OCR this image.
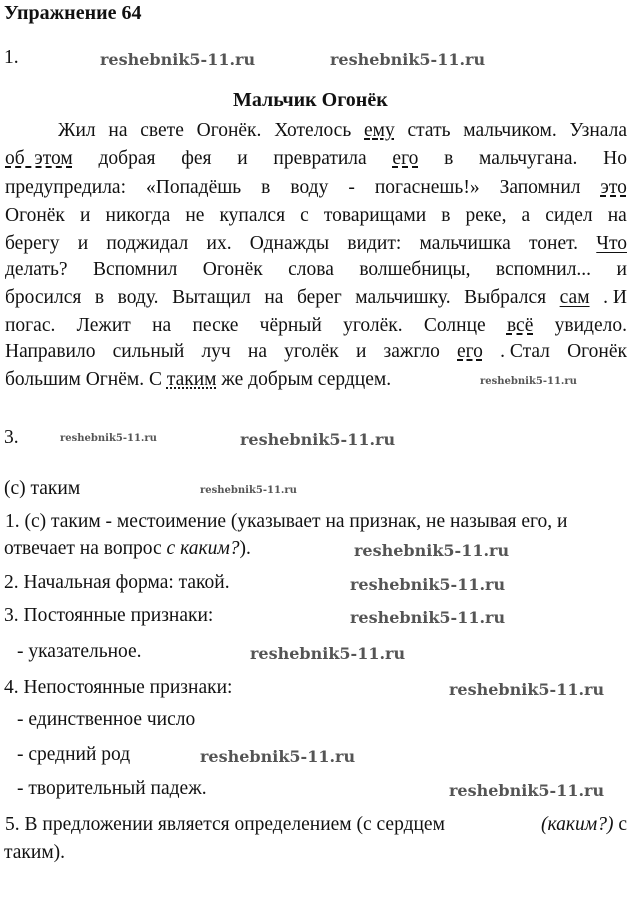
Упражнение 64
1.
Мальчик Огонёк
Жил на свете Огонёк. Хотелось ему стать мальчиком. Узнала
об  этом добрая фея и превратила его в мальчугана. Но
предупредила: «Попадёшь в воду - погаснешь!» Запомнил это
Огонёк и никогда не купался с товарищами в реке, а сидел на
берегу и поджидал их. Однажды видит: мальчишка тонет. Что
делать? Вспомнил Огонёк слова волшебницы, вспомнил... и
бросился в воду. Вытащил на берег мальчишку. Выбрался сам . И
погас. Лежит на песке чёрный уголёк. Солнце всё увидело.
Направило сильный луч на уголёк и зажгло его . Стал Огонёк
большим Огнём. С таким же добрым сердцем.
3.
(с) таким
1. (с) таким - местоимение (указывает на признак, не называя его, и
отвечает на вопрос с каким?).
2. Начальная форма: такой.
3. Постоянные признаки:
- указательное.
4. Непостоянные признаки:
- единственное число
- средний род
- творительный падеж.
5. В предложении является определением (с сердцем	(каким?) с
таким).
reshebnik5-11.ru	reshebnik5-11.ru
reshebnik5-11.ru
reshebnik5-11.ru	reshebnik5-11.ru
reshebnik5-11.ru
reshebnik5-11.ru
reshebnik5-11.ru
reshebnik5-11.ru
reshebnik5-11.ru
reshebnik5-11.ru
reshebnik5-11.ru
reshebnik5-11.ru
